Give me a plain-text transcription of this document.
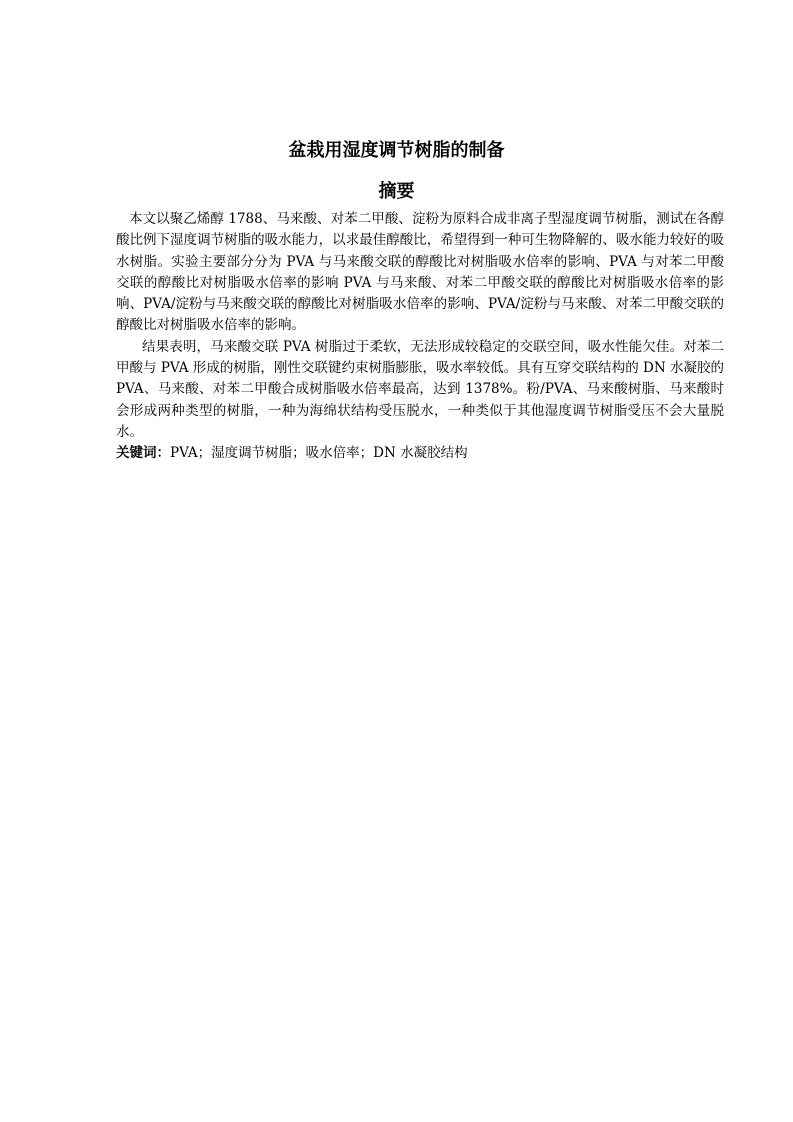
盆栽用湿度调节树脂的制备
摘要

本文以聚乙烯醇 1788、马来酸、对苯二甲酸、淀粉为原料合成非离子型湿度调节树脂，测试在各醇酸比例下湿度调节树脂的吸水能力，以求最佳醇酸比，希望得到一种可生物降解的、吸水能力较好的吸水树脂。实验主要部分分为 PVA 与马来酸交联的醇酸比对树脂吸水倍率的影响、PVA 与对苯二甲酸交联的醇酸比对树脂吸水倍率的影响 PVA 与马来酸、对苯二甲酸交联的醇酸比对树脂吸水倍率的影响、PVA/淀粉与马来酸交联的醇酸比对树脂吸水倍率的影响、PVA/淀粉与马来酸、对苯二甲酸交联的醇酸比对树脂吸水倍率的影响。

结果表明，马来酸交联 PVA 树脂过于柔软，无法形成较稳定的交联空间，吸水性能欠佳。对苯二甲酸与 PVA 形成的树脂，刚性交联键约束树脂膨胀，吸水率较低。具有互穿交联结构的 DN 水凝胶的 PVA、马来酸、对苯二甲酸合成树脂吸水倍率最高，达到 1378%。粉/PVA、马来酸树脂、马来酸时会形成两种类型的树脂，一种为海绵状结构受压脱水，一种类似于其他湿度调节树脂受压不会大量脱水。

关键词：PVA；湿度调节树脂；吸水倍率；DN 水凝胶结构
